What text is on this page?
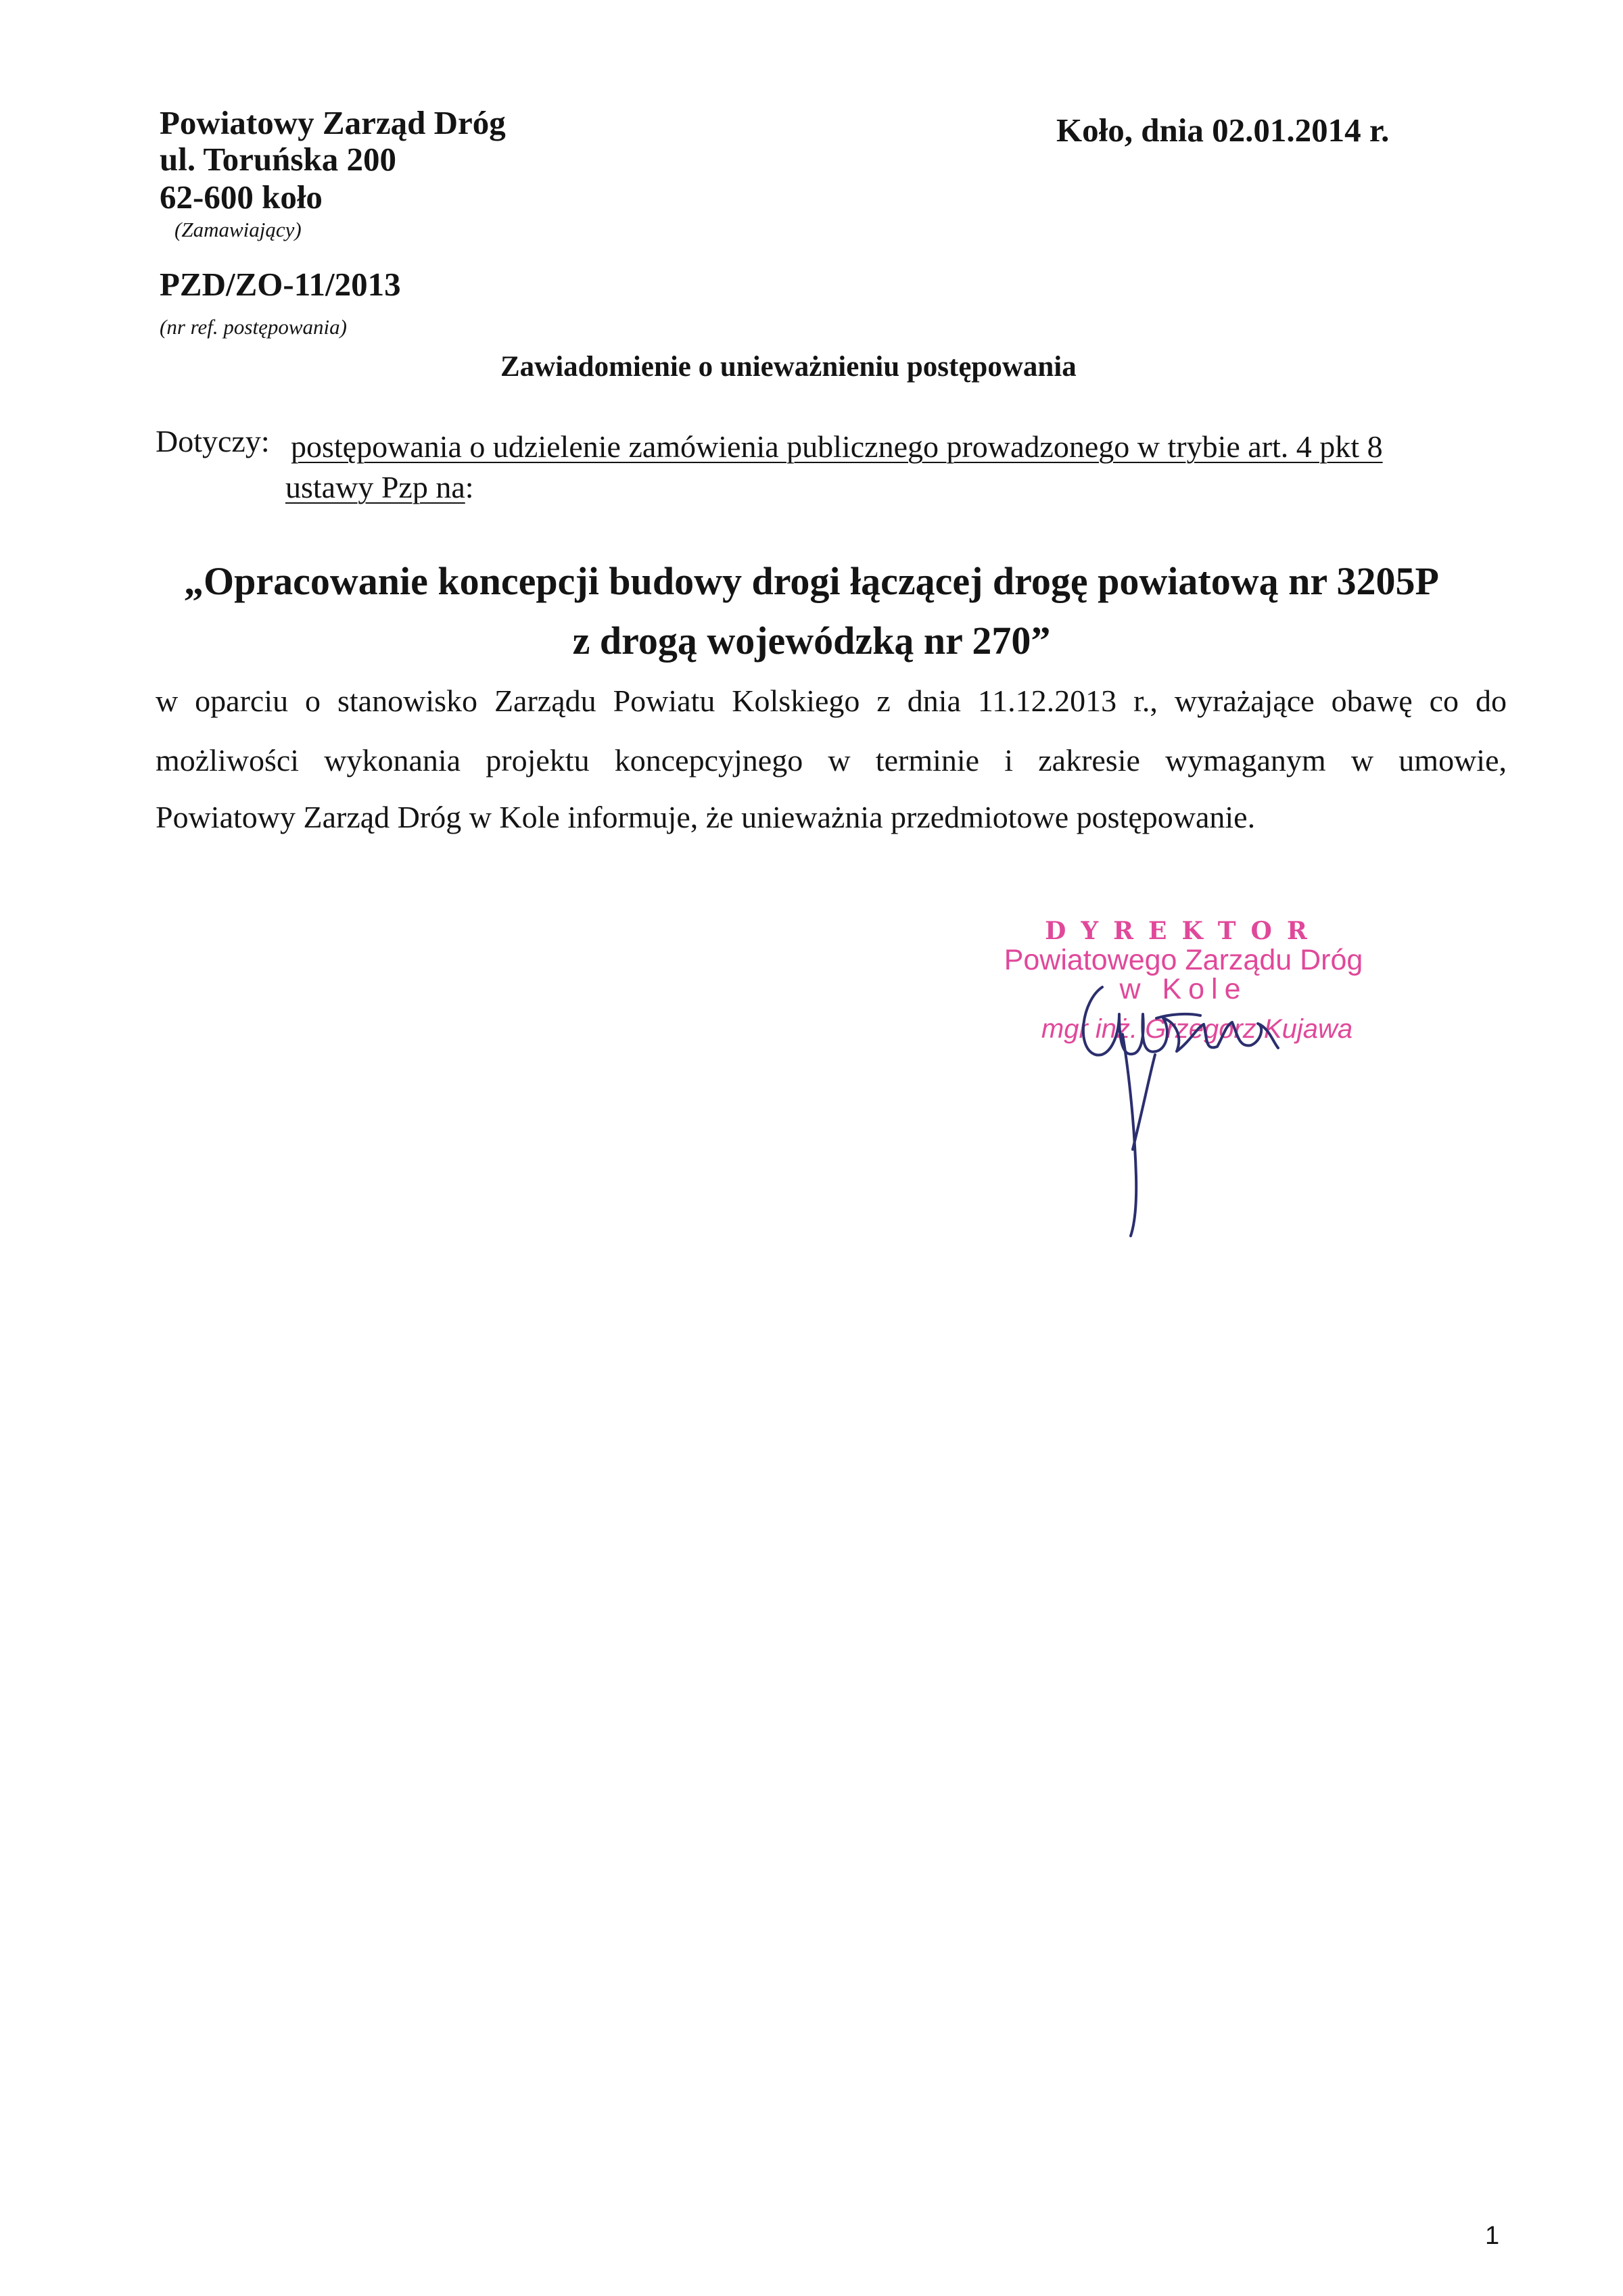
Powiatowy Zarząd Dróg
ul. Toruńska 200
62-600 koło
(Zamawiający)
Koło, dnia 02.01.2014 r.
PZD/ZO-11/2013
(nr ref. postępowania)
Zawiadomienie o unieważnieniu postępowania
Dotyczy: postępowania o udzielenie zamówienia publicznego prowadzonego w trybie art. 4 pkt 8
ustawy Pzp na:
„Opracowanie koncepcji budowy drogi łączącej drogę powiatową nr 3205P
z drogą wojewódzką nr 270”
w oparciu o stanowisko Zarządu Powiatu Kolskiego z dnia 11.12.2013 r., wyrażające obawę co do
możliwości wykonania projektu koncepcyjnego w terminie i zakresie wymaganym w umowie,
Powiatowy Zarząd Dróg w Kole informuje, że unieważnia przedmiotowe postępowanie.
DYREKTOR
Powiatowego Zarządu Dróg
w Kole
mgr inż. Grzegorz Kujawa
1
